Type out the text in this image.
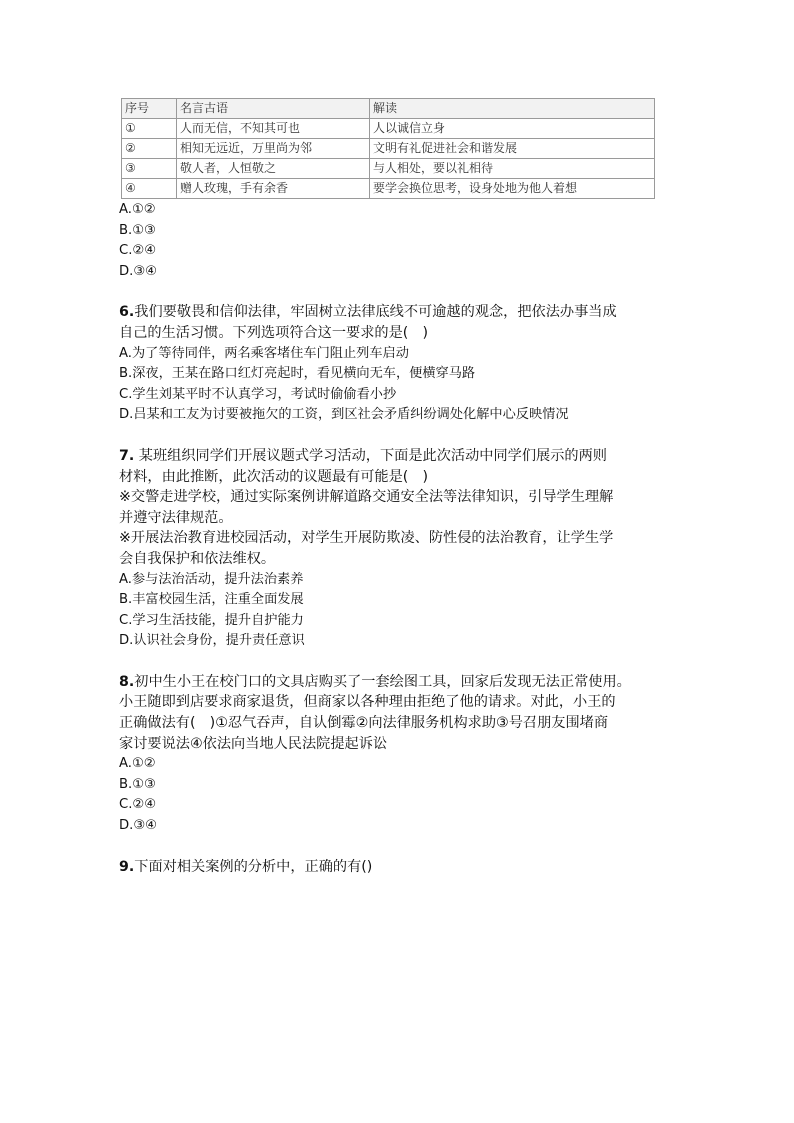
序号	名言古语	解读
①	人而无信，不知其可也	人以诚信立身
②	相知无远近，万里尚为邻	文明有礼促进社会和谐发展
③	敬人者，人恒敬之	与人相处，要以礼相待
④	赠人玫瑰，手有余香	要学会换位思考，设身处地为他人着想
A.①②
B.①③
C.②④
D.③④
6.我们要敬畏和信仰法律，牢固树立法律底线不可逾越的观念，把依法办事当成
自己的生活习惯。下列选项符合这一要求的是(　)
A.为了等待同伴，两名乘客堵住车门阻止列车启动
B.深夜，王某在路口红灯亮起时，看见横向无车，便横穿马路
C.学生刘某平时不认真学习，考试时偷偷看小抄
D.吕某和工友为讨要被拖欠的工资，到区社会矛盾纠纷调处化解中心反映情况
7. 某班组织同学们开展议题式学习活动，下面是此次活动中同学们展示的两则
材料，由此推断，此次活动的议题最有可能是(　)
※交警走进学校，通过实际案例讲解道路交通安全法等法律知识，引导学生理解
并遵守法律规范。
※开展法治教育进校园活动，对学生开展防欺凌、防性侵的法治教育，让学生学
会自我保护和依法维权。
A.参与法治活动，提升法治素养
B.丰富校园生活，注重全面发展
C.学习生活技能，提升自护能力
D.认识社会身份，提升责任意识
8.初中生小王在校门口的文具店购买了一套绘图工具，回家后发现无法正常使用。
小王随即到店要求商家退货，但商家以各种理由拒绝了他的请求。对此，小王的
正确做法有(　)①忍气吞声，自认倒霉②向法律服务机构求助③号召朋友围堵商
家讨要说法④依法向当地人民法院提起诉讼
A.①②
B.①③
C.②④
D.③④
9.下面对相关案例的分析中，正确的有()
